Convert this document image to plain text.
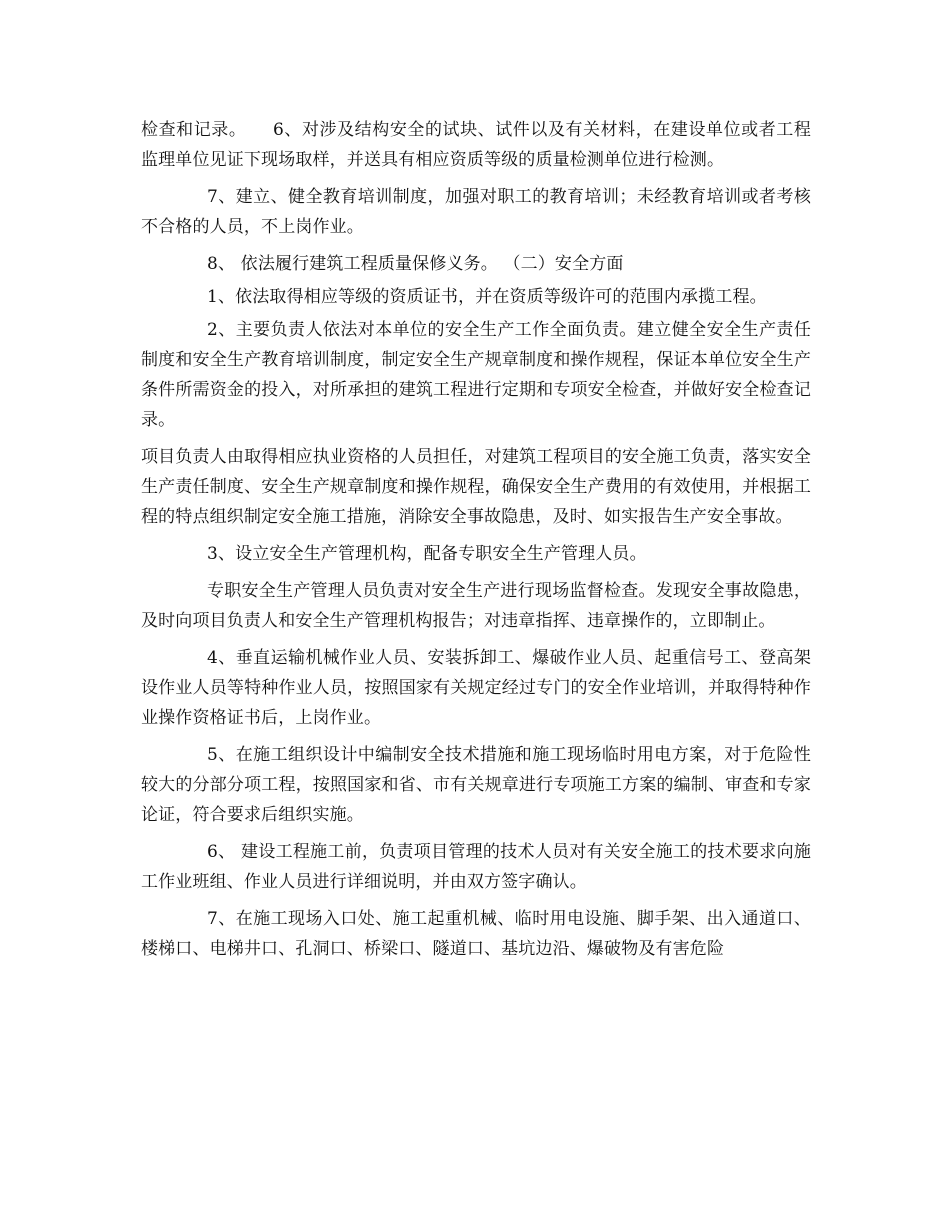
检查和记录。　　6、对涉及结构安全的试块、试件以及有关材料，在建设单位或者工程监理单位见证下现场取样，并送具有相应资质等级的质量检测单位进行检测。

7、建立、健全教育培训制度，加强对职工的教育培训；未经教育培训或者考核不合格的人员，不上岗作业。

8、 依法履行建筑工程质量保修义务。 （二）安全方面

1、依法取得相应等级的资质证书，并在资质等级许可的范围内承揽工程。

2、主要负责人依法对本单位的安全生产工作全面负责。建立健全安全生产责任制度和安全生产教育培训制度，制定安全生产规章制度和操作规程，保证本单位安全生产条件所需资金的投入，对所承担的建筑工程进行定期和专项安全检查，并做好安全检查记录。

项目负责人由取得相应执业资格的人员担任，对建筑工程项目的安全施工负责，落实安全生产责任制度、安全生产规章制度和操作规程，确保安全生产费用的有效使用，并根据工程的特点组织制定安全施工措施，消除安全事故隐患，及时、如实报告生产安全事故。

3、设立安全生产管理机构，配备专职安全生产管理人员。

专职安全生产管理人员负责对安全生产进行现场监督检查。发现安全事故隐患，及时向项目负责人和安全生产管理机构报告；对违章指挥、违章操作的，立即制止。

4、垂直运输机械作业人员、安装拆卸工、爆破作业人员、起重信号工、登高架设作业人员等特种作业人员，按照国家有关规定经过专门的安全作业培训，并取得特种作业操作资格证书后，上岗作业。

5、在施工组织设计中编制安全技术措施和施工现场临时用电方案，对于危险性较大的分部分项工程，按照国家和省、市有关规章进行专项施工方案的编制、审查和专家论证，符合要求后组织实施。

6、 建设工程施工前，负责项目管理的技术人员对有关安全施工的技术要求向施工作业班组、作业人员进行详细说明，并由双方签字确认。

7、在施工现场入口处、施工起重机械、临时用电设施、脚手架、出入通道口、楼梯口、电梯井口、孔洞口、桥梁口、隧道口、基坑边沿、爆破物及有害危险
